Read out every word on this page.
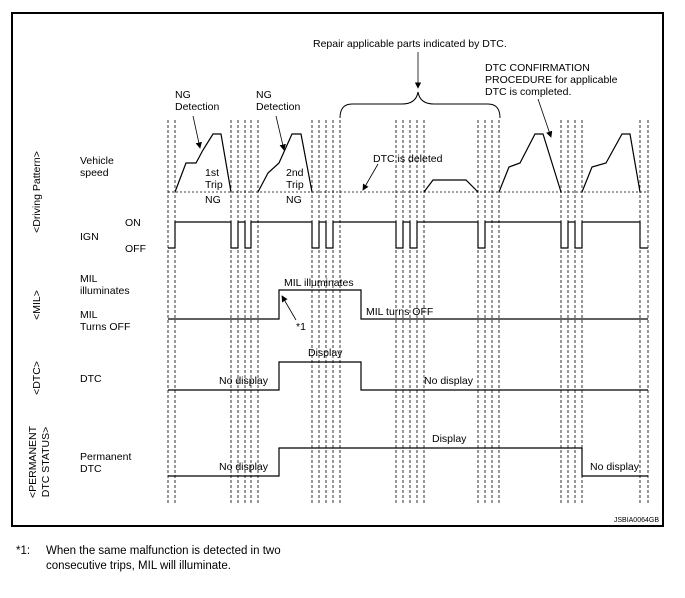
<Driving Pattern>
<MIL>
<DTC>
<PERMANENT DTC STATUS>
Vehicle
speed
IGN
ON
OFF
MIL
illuminates
MIL
Turns OFF
DTC
Permanent
DTC
Repair applicable parts indicated by DTC.
DTC CONFIRMATION
PROCEDURE for applicable
DTC is completed.
NG
Detection
NG
Detection
1st
Trip
NG
2nd
Trip
NG
DTC is deleted
MIL illuminates
MIL turns OFF
*1
Display
No display	No display
Display
No display	No display
JSBIA0064GB
*1: When the same malfunction is detected in two consecutive trips, MIL will illuminate.
